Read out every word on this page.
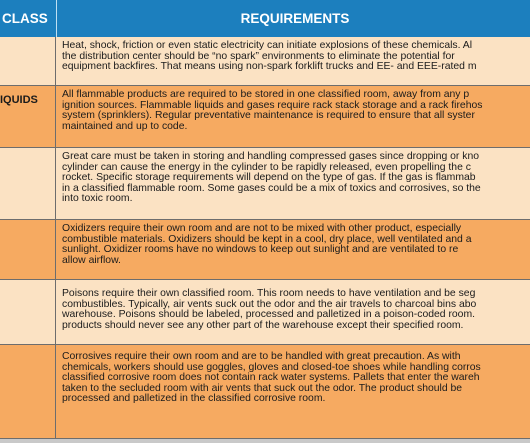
CLASS	REQUIREMENTS
Heat, shock, friction or even static electricity can initiate explosions of these chemicals. Al
the distribution center should be “no spark” environments to eliminate the potential for
equipment backfires. That means using non-spark forklift trucks and EE- and EEE-rated m
IQUIDS All flammable products are required to be stored in one classified room, away from any p
ignition sources. Flammable liquids and gases require rack stack storage and a rack firehos
system (sprinklers). Regular preventative maintenance is required to ensure that all syster
maintained and up to code.
Great care must be taken in storing and handling compressed gases since dropping or kno
cylinder can cause the energy in the cylinder to be rapidly released, even propelling the c
rocket. Specific storage requirements will depend on the type of gas. If the gas is flammab
in a classified flammable room. Some gases could be a mix of toxics and corrosives, so the
into toxic room.
Oxidizers require their own room and are not to be mixed with other product, especially
combustible materials. Oxidizers should be kept in a cool, dry place, well ventilated and a
sunlight. Oxidizer rooms have no windows to keep out sunlight and are ventilated to re
allow airflow.
Poisons require their own classified room. This room needs to have ventilation and be seg
combustibles. Typically, air vents suck out the odor and the air travels to charcoal bins abo
warehouse. Poisons should be labeled, processed and palletized in a poison-coded room.
products should never see any other part of the warehouse except their specified room.
Corrosives require their own room and are to be handled with great precaution. As with
chemicals, workers should use goggles, gloves and closed-toe shoes while handling corros
classified corrosive room does not contain rack water systems. Pallets that enter the wareh
taken to the secluded room with air vents that suck out the odor. The product should be
processed and palletized in the classified corrosive room.
